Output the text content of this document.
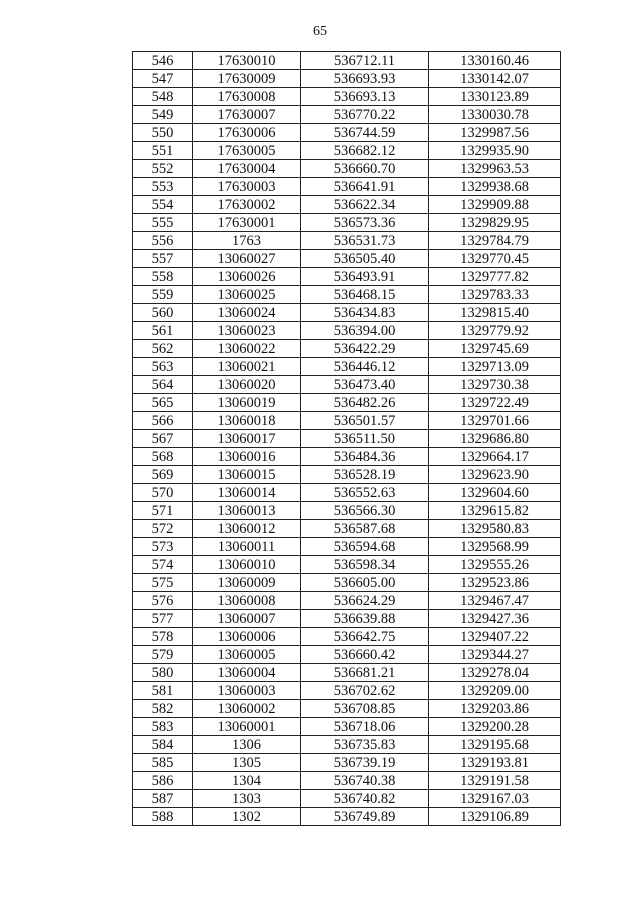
65
546	17630010	536712.11	1330160.46
547	17630009	536693.93	1330142.07
548	17630008	536693.13	1330123.89
549	17630007	536770.22	1330030.78
550	17630006	536744.59	1329987.56
551	17630005	536682.12	1329935.90
552	17630004	536660.70	1329963.53
553	17630003	536641.91	1329938.68
554	17630002	536622.34	1329909.88
555	17630001	536573.36	1329829.95
556	1763	536531.73	1329784.79
557	13060027	536505.40	1329770.45
558	13060026	536493.91	1329777.82
559	13060025	536468.15	1329783.33
560	13060024	536434.83	1329815.40
561	13060023	536394.00	1329779.92
562	13060022	536422.29	1329745.69
563	13060021	536446.12	1329713.09
564	13060020	536473.40	1329730.38
565	13060019	536482.26	1329722.49
566	13060018	536501.57	1329701.66
567	13060017	536511.50	1329686.80
568	13060016	536484.36	1329664.17
569	13060015	536528.19	1329623.90
570	13060014	536552.63	1329604.60
571	13060013	536566.30	1329615.82
572	13060012	536587.68	1329580.83
573	13060011	536594.68	1329568.99
574	13060010	536598.34	1329555.26
575	13060009	536605.00	1329523.86
576	13060008	536624.29	1329467.47
577	13060007	536639.88	1329427.36
578	13060006	536642.75	1329407.22
579	13060005	536660.42	1329344.27
580	13060004	536681.21	1329278.04
581	13060003	536702.62	1329209.00
582	13060002	536708.85	1329203.86
583	13060001	536718.06	1329200.28
584	1306	536735.83	1329195.68
585	1305	536739.19	1329193.81
586	1304	536740.38	1329191.58
587	1303	536740.82	1329167.03
588	1302	536749.89	1329106.89
